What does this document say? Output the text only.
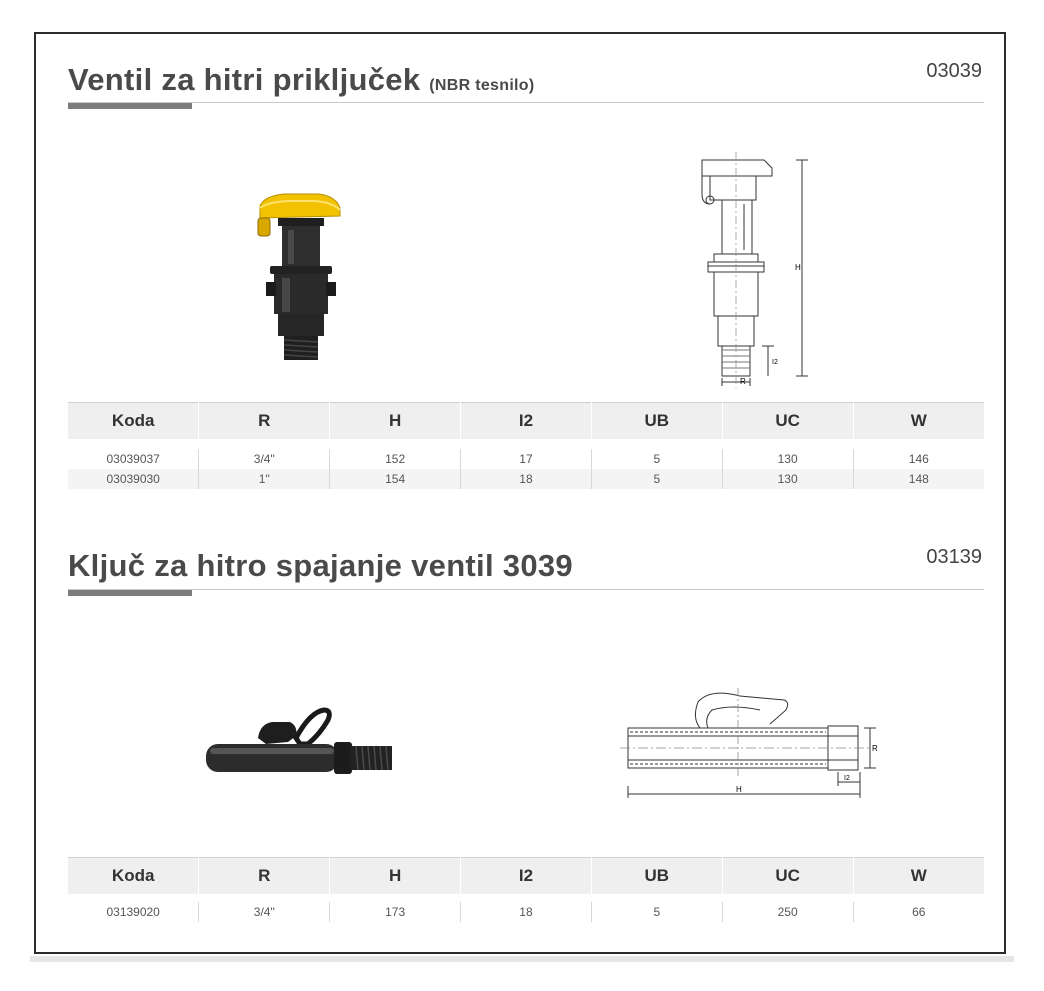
Ventil za hitri priključek (NBR tesnilo)
03039
H
I2
R
Koda	R	H	I2	UB	UC	W

03039037	3/4"	152	17	5	130	146
03039030	1"	154	18	5	130	148
Ključ za hitro spajanje ventil 3039	03139
H
R
I2
Koda	R	H	I2	UB	UC	W

03139020	3/4"	173	18	5	250	66
